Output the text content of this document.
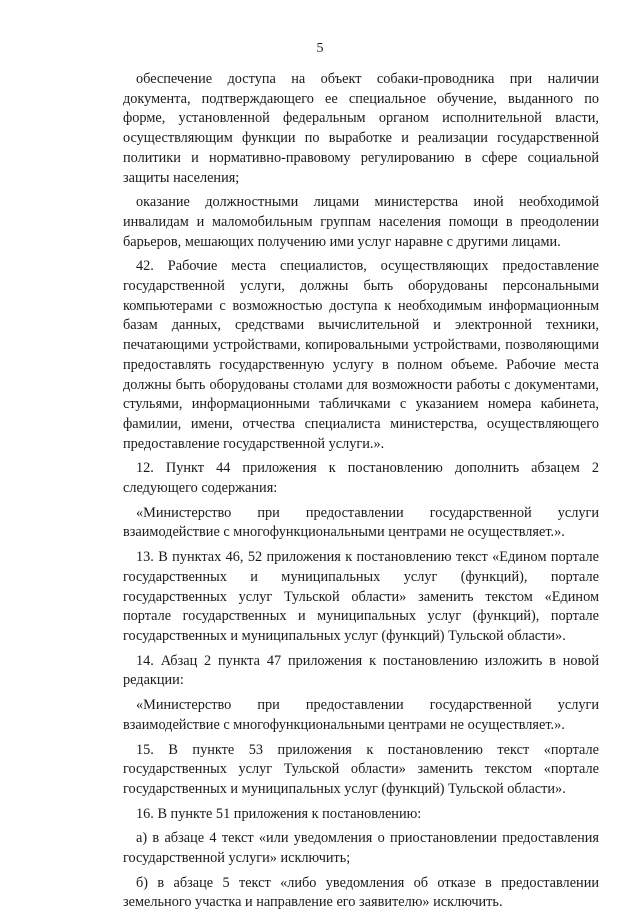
5

обеспечение доступа на объект собаки-проводника при наличии документа, подтверждающего ее специальное обучение, выданного по форме, установленной федеральным органом исполнительной власти, осуществляющим функции по выработке и реализации государственной политики и нормативно-правовому регулированию в сфере социальной защиты населения;

оказание должностными лицами министерства иной необходимой инвалидам и маломобильным группам населения помощи в преодолении барьеров, мешающих получению ими услуг наравне с другими лицами.

42. Рабочие места специалистов, осуществляющих предоставление государственной услуги, должны быть оборудованы персональными компьютерами с возможностью доступа к необходимым информационным базам данных, средствами вычислительной и электронной техники, печатающими устройствами, копировальными устройствами, позволяющими предоставлять государственную услугу в полном объеме. Рабочие места должны быть оборудованы столами для возможности работы с документами, стульями, информационными табличками с указанием номера кабинета, фамилии, имени, отчества специалиста министерства, осуществляющего предоставление государственной услуги.».

12. Пункт 44 приложения к постановлению дополнить абзацем 2 следующего содержания:

«Министерство при предоставлении государственной услуги взаимодействие с многофункциональными центрами не осуществляет.».

13. В пунктах 46, 52 приложения к постановлению текст «Едином портале государственных и муниципальных услуг (функций), портале государственных услуг Тульской области» заменить текстом «Едином портале государственных и муниципальных услуг (функций), портале государственных и муниципальных услуг (функций) Тульской области».

14. Абзац 2 пункта 47 приложения к постановлению изложить в новой редакции:

«Министерство при предоставлении государственной услуги взаимодействие с многофункциональными центрами не осуществляет.».

15. В пункте 53 приложения к постановлению текст «портале государственных услуг Тульской области» заменить текстом «портале государственных и муниципальных услуг (функций) Тульской области».

16. В пункте 51 приложения к постановлению:

а) в абзаце 4 текст «или уведомления о приостановлении предоставления государственной услуги» исключить;

б) в абзаце 5 текст «либо уведомления об отказе в предоставлении земельного участка и направление его заявителю» исключить.
